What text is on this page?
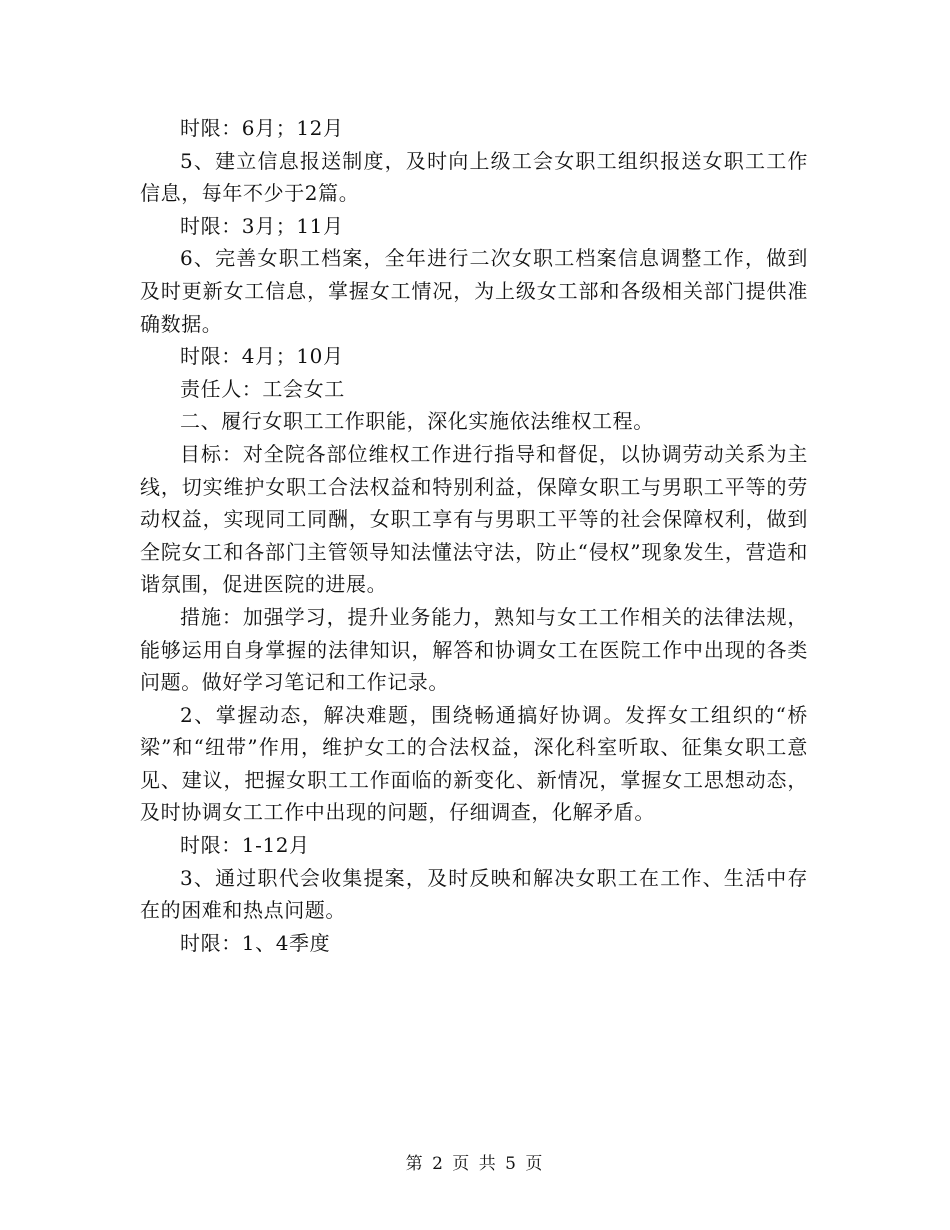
时限：6月；12月

5、建立信息报送制度，及时向上级工会女职工组织报送女职工工作信息，每年不少于2篇。

时限：3月；11月

6、完善女职工档案，全年进行二次女职工档案信息调整工作，做到及时更新女工信息，掌握女工情况，为上级女工部和各级相关部门提供准确数据。

时限：4月；10月

责任人：工会女工

二、履行女职工工作职能，深化实施依法维权工程。

目标：对全院各部位维权工作进行指导和督促，以协调劳动关系为主线，切实维护女职工合法权益和特别利益，保障女职工与男职工平等的劳动权益，实现同工同酬，女职工享有与男职工平等的社会保障权利，做到全院女工和各部门主管领导知法懂法守法，防止“侵权”现象发生，营造和谐氛围，促进医院的进展。

措施：加强学习，提升业务能力，熟知与女工工作相关的法律法规，能够运用自身掌握的法律知识，解答和协调女工在医院工作中出现的各类问题。做好学习笔记和工作记录。

2、掌握动态，解决难题，围绕畅通搞好协调。发挥女工组织的“桥梁”和“纽带”作用，维护女工的合法权益，深化科室听取、征集女职工意见、建议，把握女职工工作面临的新变化、新情况，掌握女工思想动态，及时协调女工工作中出现的问题，仔细调查，化解矛盾。

时限：1-12月

3、通过职代会收集提案，及时反映和解决女职工在工作、生活中存在的困难和热点问题。

时限：1、4季度

第 2 页 共 5 页
